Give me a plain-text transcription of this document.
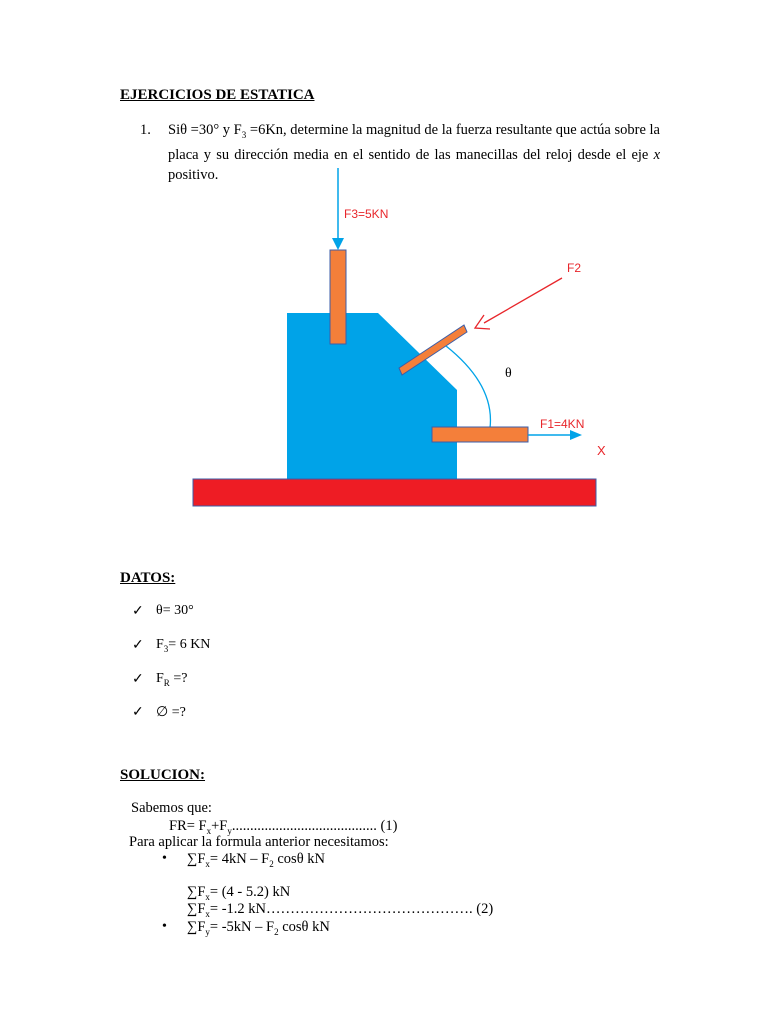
EJERCICIOS DE ESTATICA
1. Siθ =30° y $F_3 =6Kn$, determine la magnitud de la fuerza resultante que actúa sobre la placa y su dirección media en el sentido de las manecillas del reloj desde el eje x positivo.
F3=5KN
F2
θ
F1=4KN
X
DATOS:
✓ θ= 30°
✓ $F_3= 6$ KN
✓ $F_R$ =?
✓ ∅ =?
SOLUCION:
Sabemos que:
$FR= F_x+F_y$........................................ (1)
Para aplicar la formula anterior necesitamos:
• $\sum F_x= 4kN - F_2$ cosθ kN
$\sum F_x= (4 - 5.2)$ kN
$\sum F_x= -1.2$ kN……………………………………. (2)
• $\sum F_y= -5kN - F_2$ cosθ kN
